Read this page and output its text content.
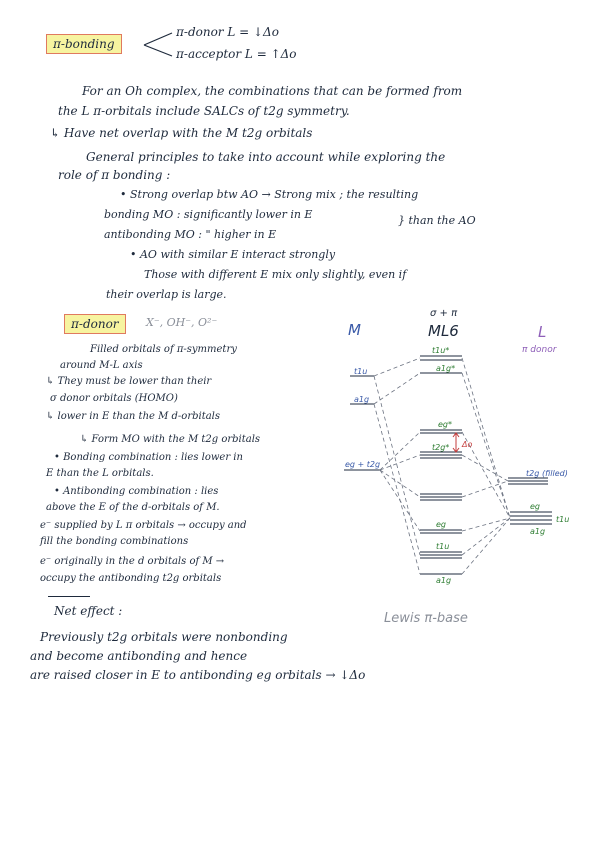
π-bonding
π-donor L = ↓Δo
π-acceptor L = ↑Δo
For an Oh complex, the combinations that can be formed from
the L π-orbitals include SALCs of t2g symmetry.
↳ Have net overlap with the M t2g orbitals
General principles to take into account while exploring the
role of π bonding :
• Strong overlap btw AO → Strong mix ; the resulting
bonding MO : significantly lower in E
antibonding MO : " higher in E
} than the AO
• AO with similar E interact strongly
Those with different E mix only slightly, even if
their overlap is large.
π-donor	X⁻, OH⁻, O²⁻
Filled orbitals of π-symmetry
around M-L axis
↳ They must be lower than their
σ donor orbitals (HOMO)
↳ lower in E than the M d-orbitals
↳ Form MO with the M t2g orbitals
• Bonding combination : lies lower in
E than the L orbitals.
• Antibonding combination : lies
above the E of the d-orbitals of M.
e⁻ supplied by L π orbitals → occupy and
fill the bonding combinations
e⁻ originally in the d orbitals of M →
occupy the antibonding t2g orbitals
M
σ + π
ML6	L
π donor
t1u
a1g
eg + t2g
t1u*
a1g*
eg*
t2g* Δo
eg
t1u
a1g
t2g (filled)
eg
t1u
a1g
Lewis π-base
Net effect :
Previously t2g orbitals were nonbonding
and become antibonding and hence
are raised closer in E to antibonding eg orbitals → ↓Δo
